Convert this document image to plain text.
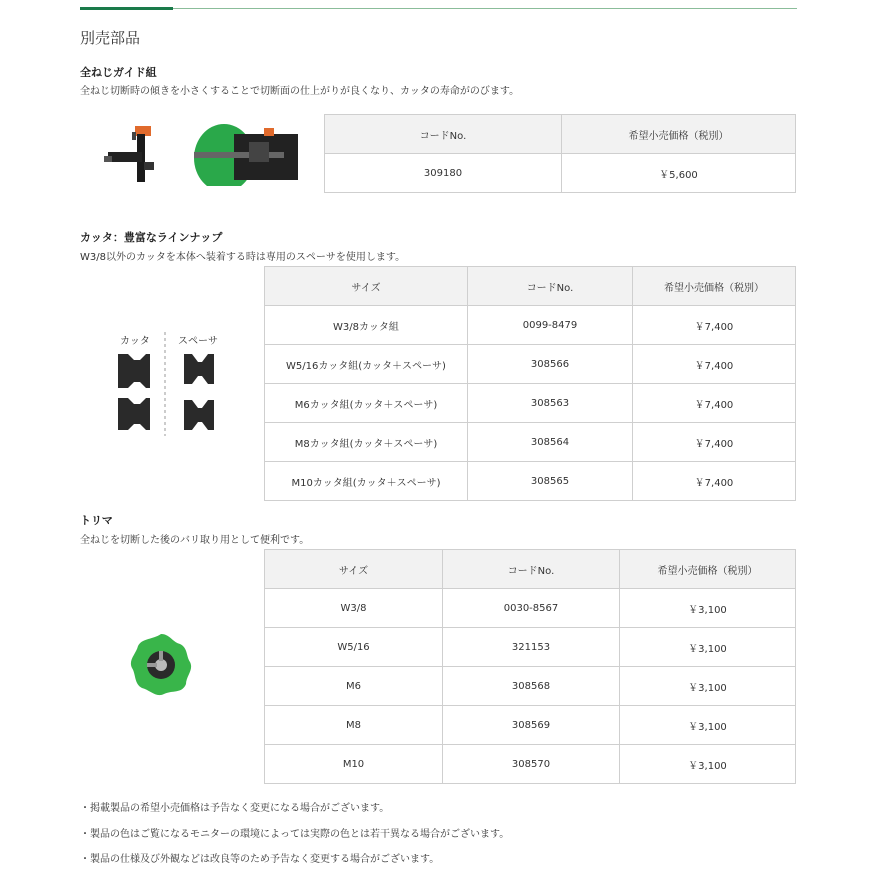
別売部品
全ねじガイド組
全ねじ切断時の傾きを小さくすることで切断面の仕上がりが良くなり、カッタの寿命がのびます。
コードNo.	希望小売価格（税別）
309180	￥5,600
カッタ：豊富なラインナップ
W3/8以外のカッタを本体へ装着する時は専用のスペーサを使用します。
カッタ	スペーサ
サイズ	コードNo.	希望小売価格（税別）
W3/8カッタ組	0099-8479	￥7,400
W5/16カッタ組(カッタ＋スペーサ)	308566	￥7,400
M6カッタ組(カッタ＋スペーサ)	308563	￥7,400
M8カッタ組(カッタ＋スペーサ)	308564	￥7,400
M10カッタ組(カッタ＋スペーサ)	308565	￥7,400
トリマ
全ねじを切断した後のバリ取り用として便利です。
サイズ	コードNo.	希望小売価格（税別）
W3/8	0030-8567	￥3,100
W5/16	321153	￥3,100
M6	308568	￥3,100
M8	308569	￥3,100
M10	308570	￥3,100
・掲載製品の希望小売価格は予告なく変更になる場合がございます。
・製品の色はご覧になるモニターの環境によっては実際の色とは若干異なる場合がございます。
・製品の仕様及び外観などは改良等のため予告なく変更する場合がございます。
